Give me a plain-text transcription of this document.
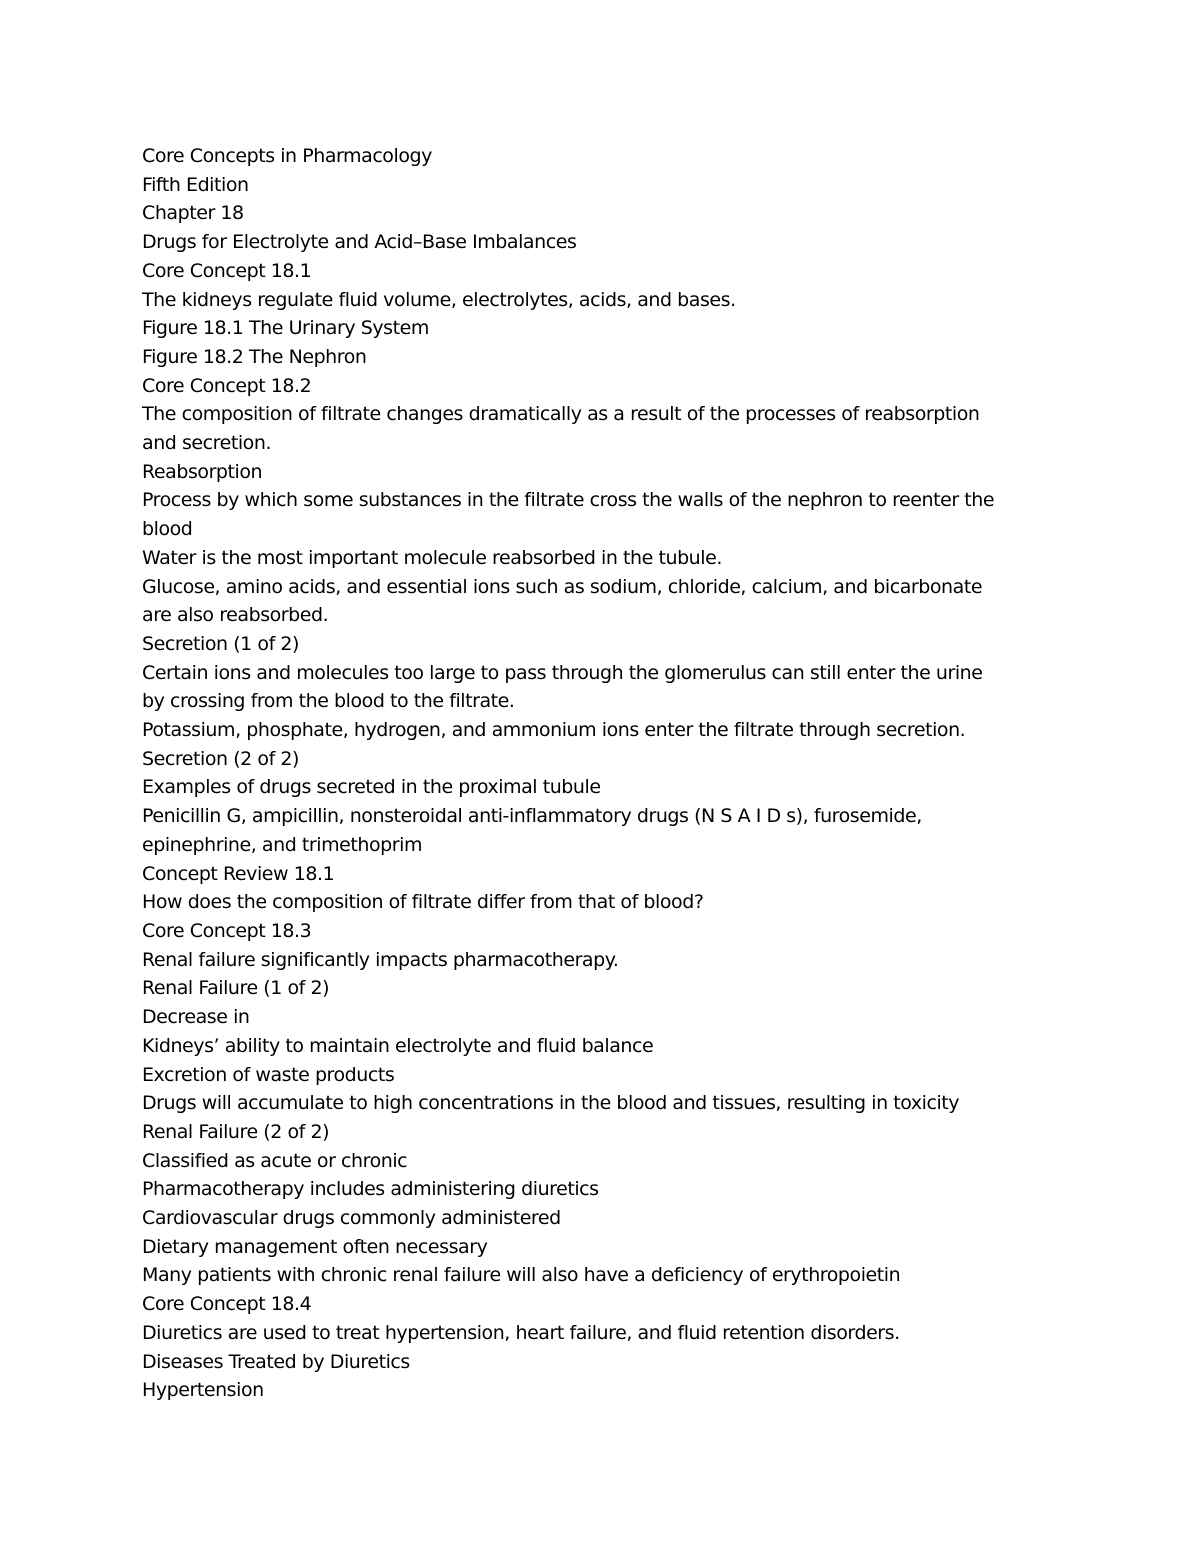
Core Concepts in Pharmacology
Fifth Edition
Chapter 18
Drugs for Electrolyte and Acid–Base Imbalances
Core Concept 18.1
The kidneys regulate fluid volume, electrolytes, acids, and bases.
Figure 18.1 The Urinary System
Figure 18.2 The Nephron
Core Concept 18.2
The composition of filtrate changes dramatically as a result of the processes of reabsorption
and secretion.
Reabsorption
Process by which some substances in the filtrate cross the walls of the nephron to reenter the
blood
Water is the most important molecule reabsorbed in the tubule.
Glucose, amino acids, and essential ions such as sodium, chloride, calcium, and bicarbonate
are also reabsorbed.
Secretion (1 of 2)
Certain ions and molecules too large to pass through the glomerulus can still enter the urine
by crossing from the blood to the filtrate.
Potassium, phosphate, hydrogen, and ammonium ions enter the filtrate through secretion.
Secretion (2 of 2)
Examples of drugs secreted in the proximal tubule
Penicillin G, ampicillin, nonsteroidal anti-inflammatory drugs (N S A I D s), furosemide,
epinephrine, and trimethoprim
Concept Review 18.1
How does the composition of filtrate differ from that of blood?
Core Concept 18.3
Renal failure significantly impacts pharmacotherapy.
Renal Failure (1 of 2)
Decrease in
Kidneys’ ability to maintain electrolyte and fluid balance
Excretion of waste products
Drugs will accumulate to high concentrations in the blood and tissues, resulting in toxicity
Renal Failure (2 of 2)
Classified as acute or chronic
Pharmacotherapy includes administering diuretics
Cardiovascular drugs commonly administered
Dietary management often necessary
Many patients with chronic renal failure will also have a deficiency of erythropoietin
Core Concept 18.4
Diuretics are used to treat hypertension, heart failure, and fluid retention disorders.
Diseases Treated by Diuretics
Hypertension
